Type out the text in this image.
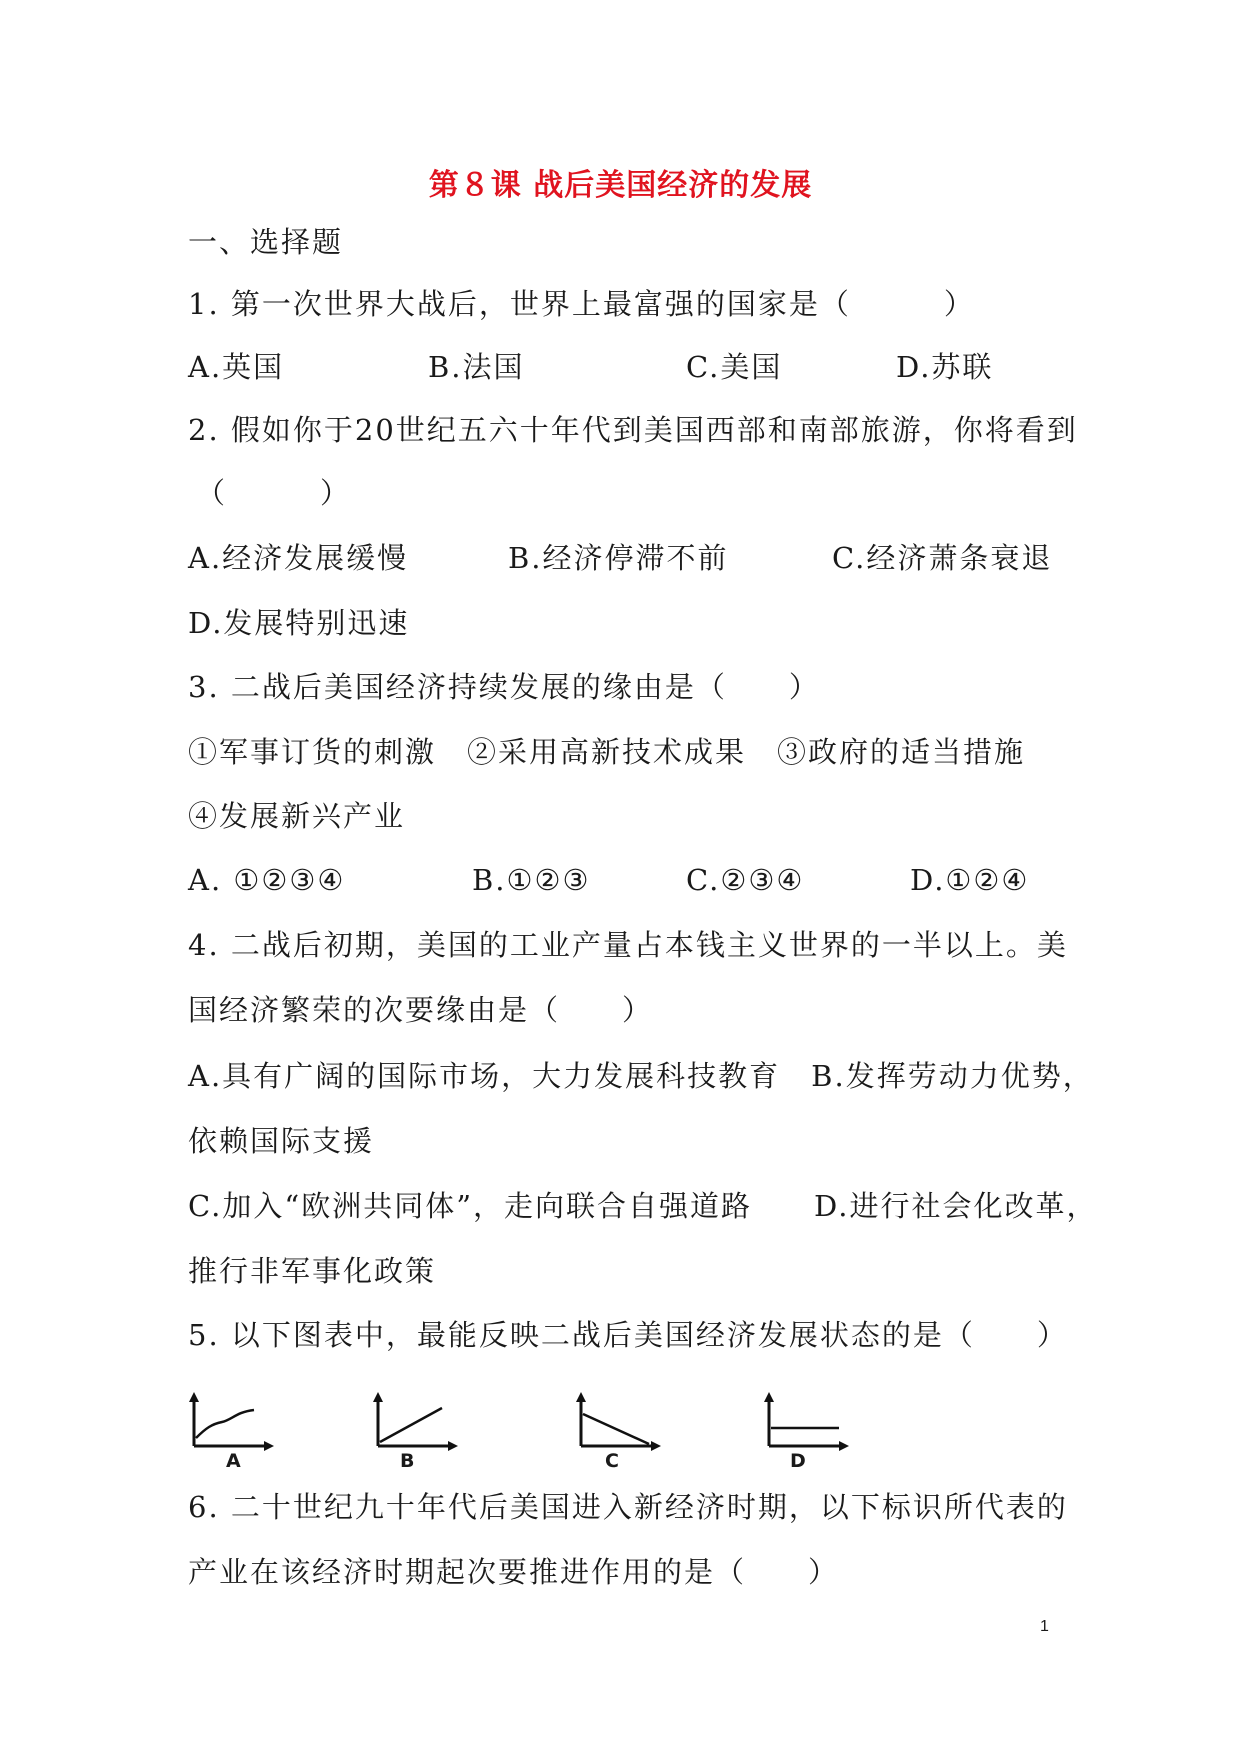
第８课 战后美国经济的发展
一、选择题
1. 第一次世界大战后，世界上最富强的国家是（　　　）
A.英国	B.法国	C.美国	D.苏联
2. 假如你于20世纪五六十年代到美国西部和南部旅游，你将看到
（　　　）
A.经济发展缓慢	B.经济停滞不前	C.经济萧条衰退
D.发展特别迅速
3. 二战后美国经济持续发展的缘由是（　　）
①军事订货的刺激　②采用高新技术成果　③政府的适当措施
④发展新兴产业
A. ①②③④	B.①②③	C.②③④	D.①②④
4. 二战后初期，美国的工业产量占本钱主义世界的一半以上。美
国经济繁荣的次要缘由是（　　）
A.具有广阔的国际市场，大力发展科技教育　B.发挥劳动力优势，
依赖国际支援
C.加入“欧洲共同体”，走向联合自强道路　　D.进行社会化改革，
推行非军事化政策
5. 以下图表中，最能反映二战后美国经济发展状态的是（　　）
A	B	C	D
6. 二十世纪九十年代后美国进入新经济时期，以下标识所代表的
产业在该经济时期起次要推进作用的是（　　）
1
